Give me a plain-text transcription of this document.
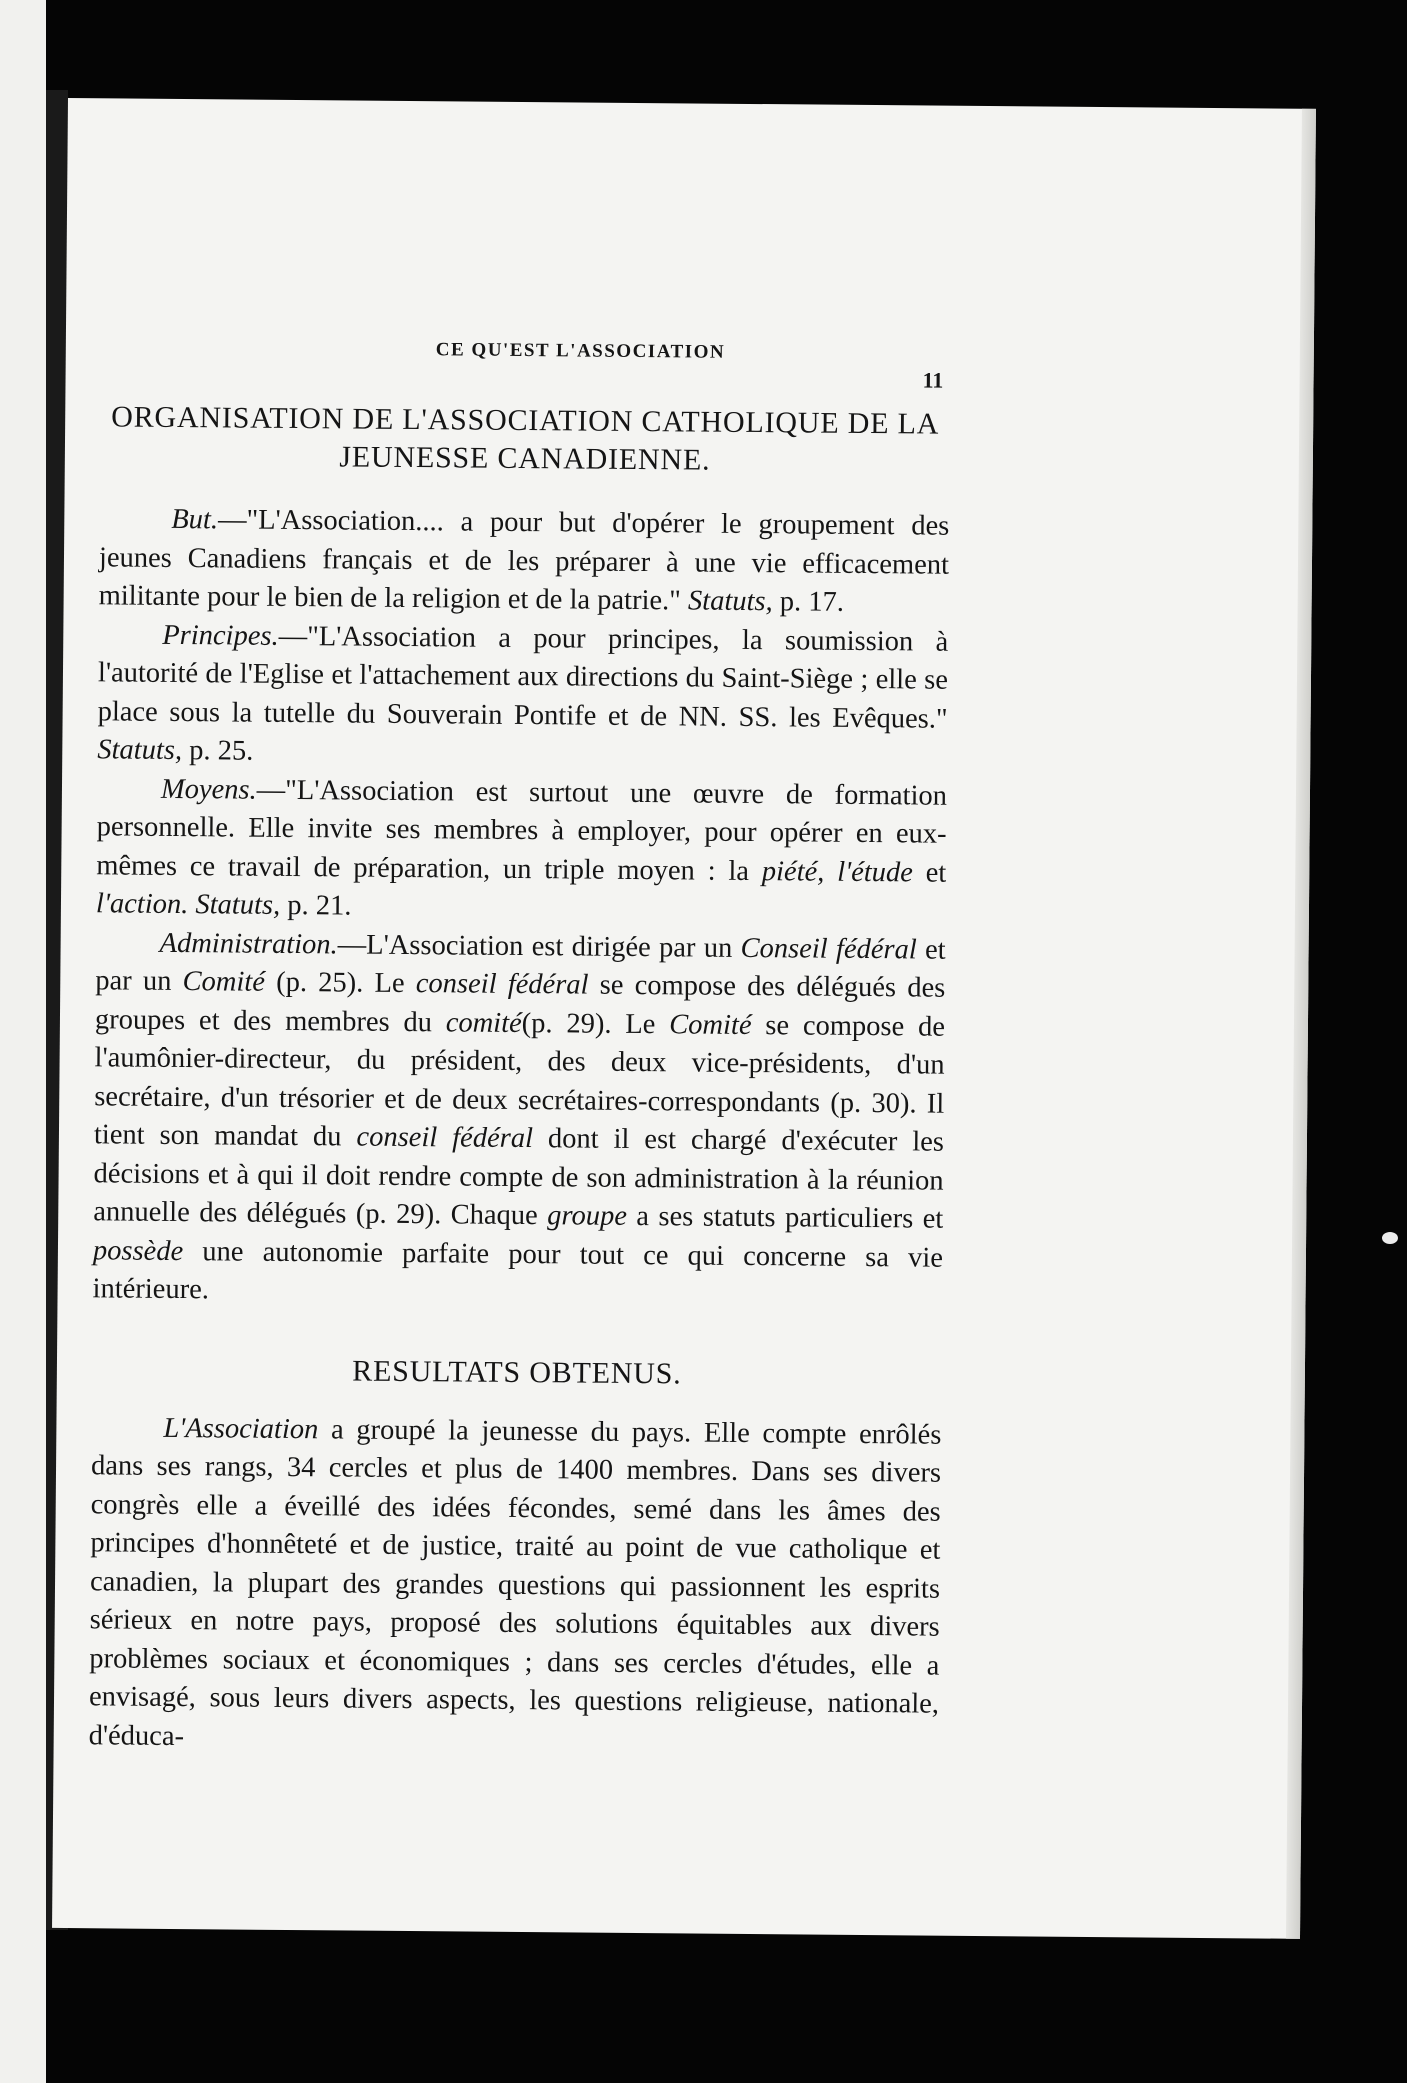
CE QU'EST L'ASSOCIATION
11
ORGANISATION DE L'ASSOCIATION CATHOLIQUE DE LA JEUNESSE CANADIENNE.

But.—"L'Association.... a pour but d'opérer le groupement des jeunes Canadiens français et de les préparer à une vie efficacement militante pour le bien de la religion et de la patrie." Statuts, p. 17.

Principes.—"L'Association a pour principes, la soumission à l'autorité de l'Eglise et l'attachement aux directions du Saint-Siège ; elle se place sous la tutelle du Souverain Pontife et de NN. SS. les Evêques." Statuts, p. 25.

Moyens.—"L'Association est surtout une œuvre de formation personnelle. Elle invite ses membres à employer, pour opérer en eux-mêmes ce travail de préparation, un triple moyen : la piété, l'étude et l'action. Statuts, p. 21.

Administration.—L'Association est dirigée par un Conseil fédéral et par un Comité (p. 25). Le conseil fédéral se compose des délégués des groupes et des membres du comité(p. 29). Le Comité se compose de l'aumônier-directeur, du président, des deux vice-présidents, d'un secrétaire, d'un trésorier et de deux secrétaires-correspondants (p. 30). Il tient son mandat du conseil fédéral dont il est chargé d'exécuter les décisions et à qui il doit rendre compte de son administration à la réunion annuelle des délégués (p. 29). Chaque groupe a ses statuts particuliers et possède une autonomie parfaite pour tout ce qui concerne sa vie intérieure.

RESULTATS OBTENUS.

L'Association a groupé la jeunesse du pays. Elle compte enrôlés dans ses rangs, 34 cercles et plus de 1400 membres. Dans ses divers congrès elle a éveillé des idées fécondes, semé dans les âmes des principes d'honnêteté et de justice, traité au point de vue catholique et canadien, la plupart des grandes questions qui passionnent les esprits sérieux en notre pays, proposé des solutions équitables aux divers problèmes sociaux et économiques ; dans ses cercles d'études, elle a envisagé, sous leurs divers aspects, les questions religieuse, nationale, d'éduca-
